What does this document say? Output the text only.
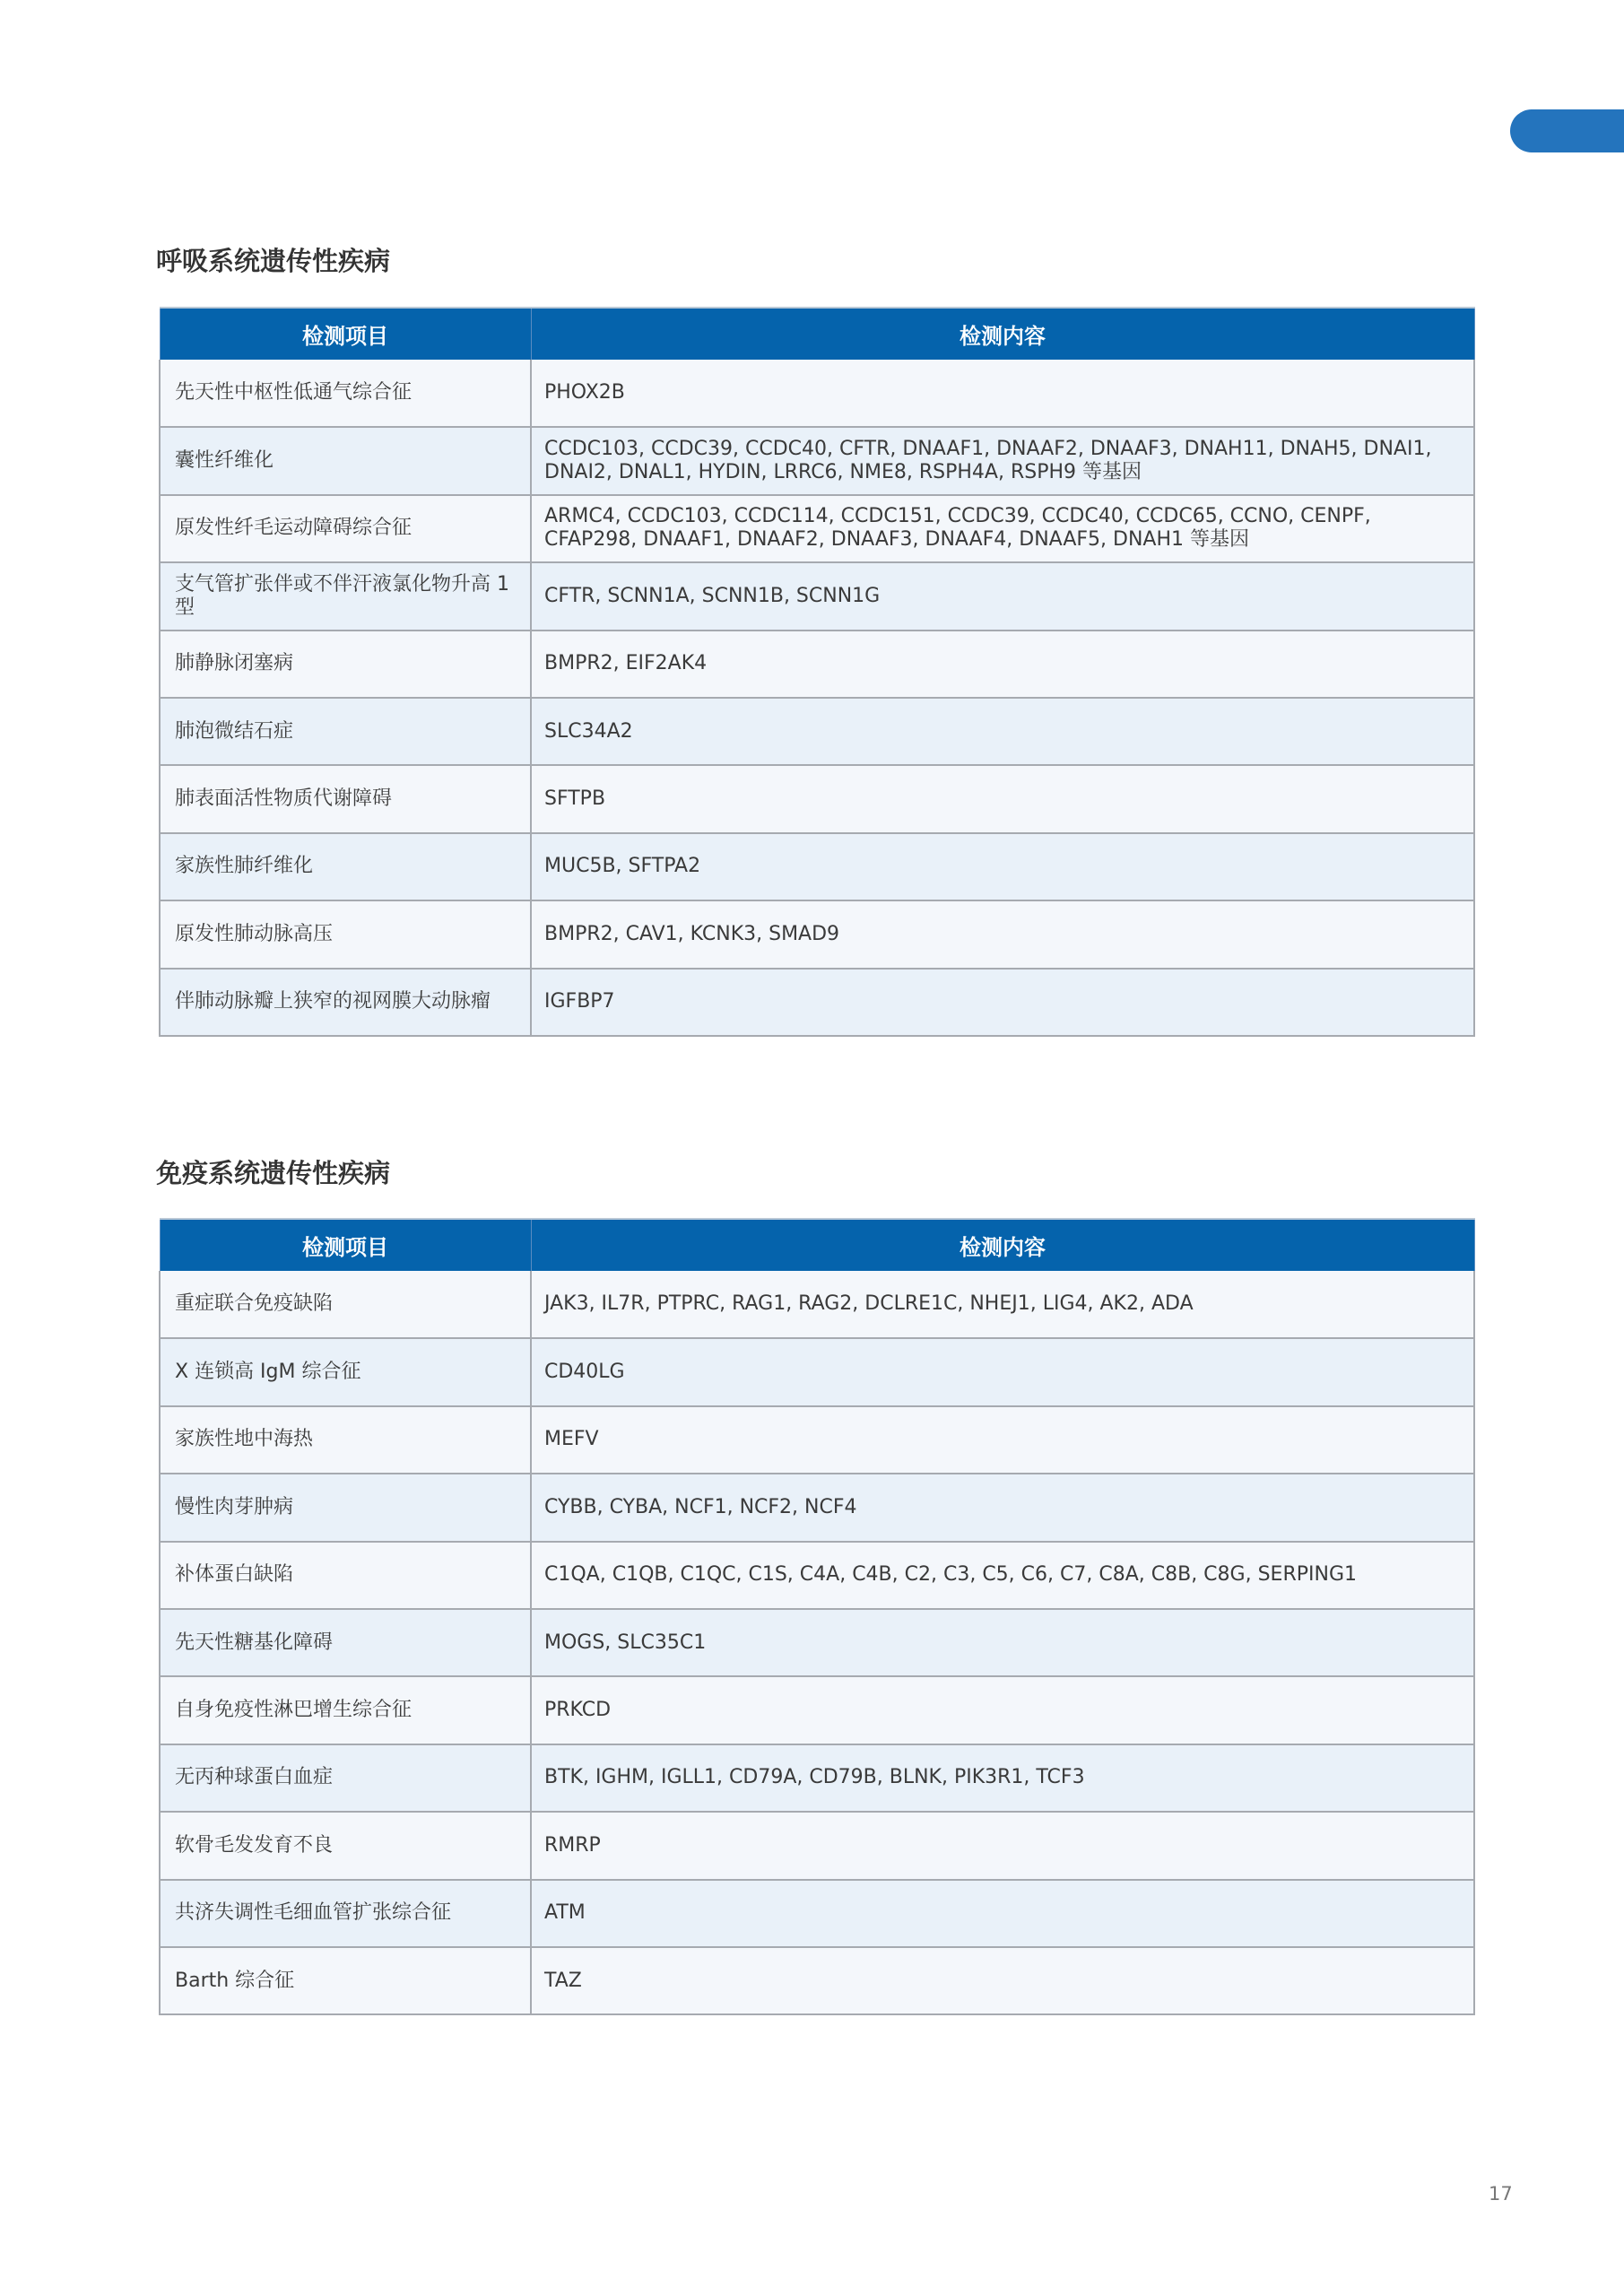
呼吸系统遗传性疾病
检测项目	检测内容
先天性中枢性低通气综合征	PHOX2B
囊性纤维化	CCDC103, CCDC39, CCDC40, CFTR, DNAAF1, DNAAF2, DNAAF3, DNAH11, DNAH5, DNAI1, DNAI2, DNAL1, HYDIN, LRRC6, NME8, RSPH4A, RSPH9 等基因
原发性纤毛运动障碍综合征	ARMC4, CCDC103, CCDC114, CCDC151, CCDC39, CCDC40, CCDC65, CCNO, CENPF, CFAP298, DNAAF1, DNAAF2, DNAAF3, DNAAF4, DNAAF5, DNAH1 等基因
支气管扩张伴或不伴汗液氯化物升高 1 型	CFTR, SCNN1A, SCNN1B, SCNN1G
肺静脉闭塞病	BMPR2, EIF2AK4
肺泡微结石症	SLC34A2
肺表面活性物质代谢障碍	SFTPB
家族性肺纤维化	MUC5B, SFTPA2
原发性肺动脉高压	BMPR2, CAV1, KCNK3, SMAD9
伴肺动脉瓣上狭窄的视网膜大动脉瘤	IGFBP7
免疫系统遗传性疾病
检测项目	检测内容
重症联合免疫缺陷	JAK3, IL7R, PTPRC, RAG1, RAG2, DCLRE1C, NHEJ1, LIG4, AK2, ADA
X 连锁高 IgM 综合征	CD40LG
家族性地中海热	MEFV
慢性肉芽肿病	CYBB, CYBA, NCF1, NCF2, NCF4
补体蛋白缺陷	C1QA, C1QB, C1QC, C1S, C4A, C4B, C2, C3, C5, C6, C7, C8A, C8B, C8G, SERPING1
先天性糖基化障碍	MOGS, SLC35C1
自身免疫性淋巴增生综合征	PRKCD
无丙种球蛋白血症	BTK, IGHM, IGLL1, CD79A, CD79B, BLNK, PIK3R1, TCF3
软骨毛发发育不良	RMRP
共济失调性毛细血管扩张综合征	ATM
Barth 综合征	TAZ
17
